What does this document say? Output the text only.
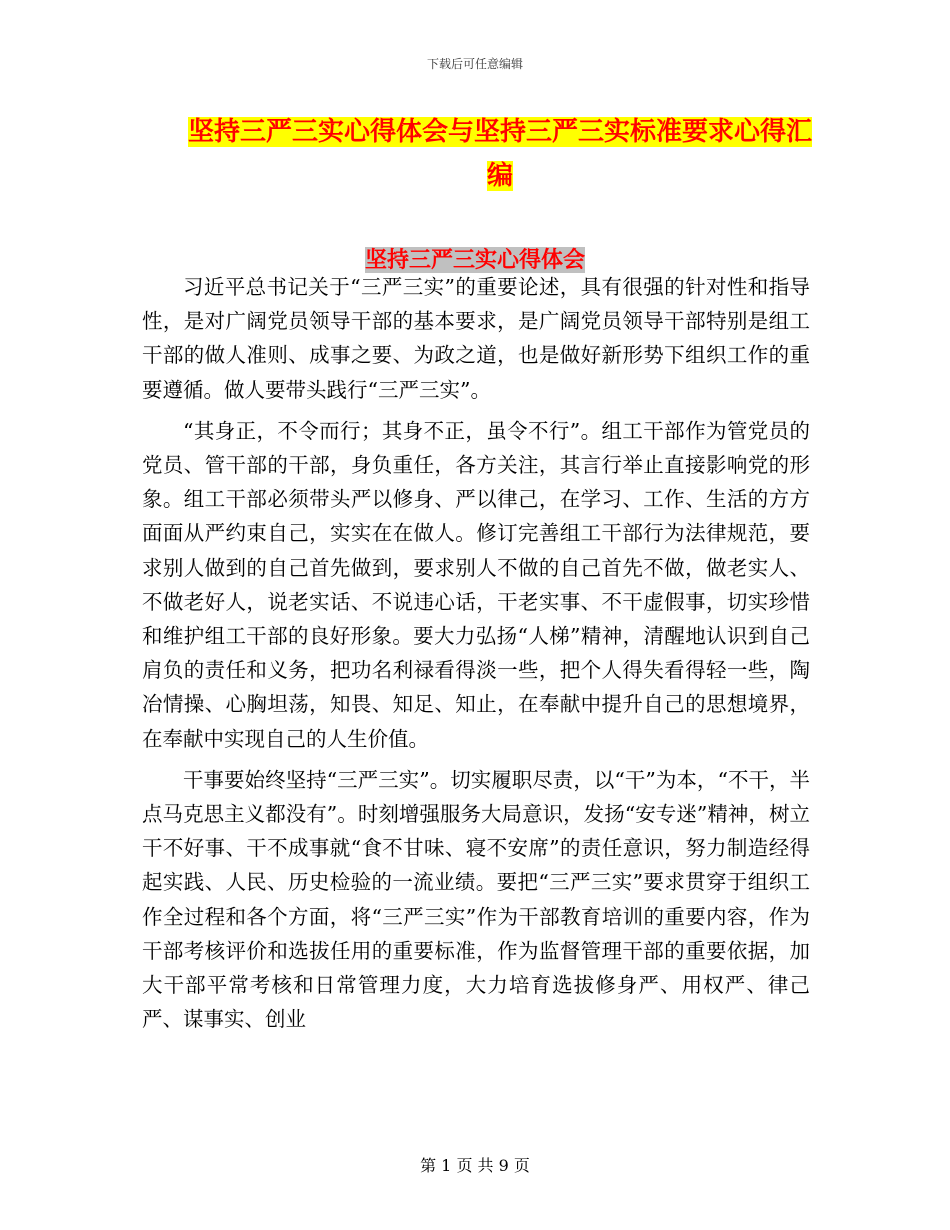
下载后可任意编辑
坚持三严三实心得体会与坚持三严三实标准要求心得汇编
坚持三严三实心得体会

习近平总书记关于“三严三实”的重要论述，具有很强的针对性和指导性，是对广阔党员领导干部的基本要求，是广阔党员领导干部特别是组工干部的做人准则、成事之要、为政之道，也是做好新形势下组织工作的重要遵循。做人要带头践行“三严三实”。

“其身正，不令而行；其身不正，虽令不行”。组工干部作为管党员的党员、管干部的干部，身负重任，各方关注，其言行举止直接影响党的形象。组工干部必须带头严以修身、严以律己，在学习、工作、生活的方方面面从严约束自己，实实在在做人。修订完善组工干部行为法律规范，要求别人做到的自己首先做到，要求别人不做的自己首先不做，做老实人、不做老好人，说老实话、不说违心话，干老实事、不干虚假事，切实珍惜和维护组工干部的良好形象。要大力弘扬“人梯”精神，清醒地认识到自己肩负的责任和义务，把功名利禄看得淡一些，把个人得失看得轻一些，陶冶情操、心胸坦荡，知畏、知足、知止，在奉献中提升自己的思想境界，在奉献中实现自己的人生价值。

干事要始终坚持“三严三实”。切实履职尽责，以“干”为本，“不干，半点马克思主义都没有”。时刻增强服务大局意识，发扬“安专迷”精神，树立干不好事、干不成事就“食不甘味、寝不安席”的责任意识，努力制造经得起实践、人民、历史检验的一流业绩。要把“三严三实”要求贯穿于组织工作全过程和各个方面，将“三严三实”作为干部教育培训的重要内容，作为干部考核评价和选拔任用的重要标准，作为监督管理干部的重要依据，加大干部平常考核和日常管理力度，大力培育选拔修身严、用权严、律己严、谋事实、创业

第 1 页 共 9 页
